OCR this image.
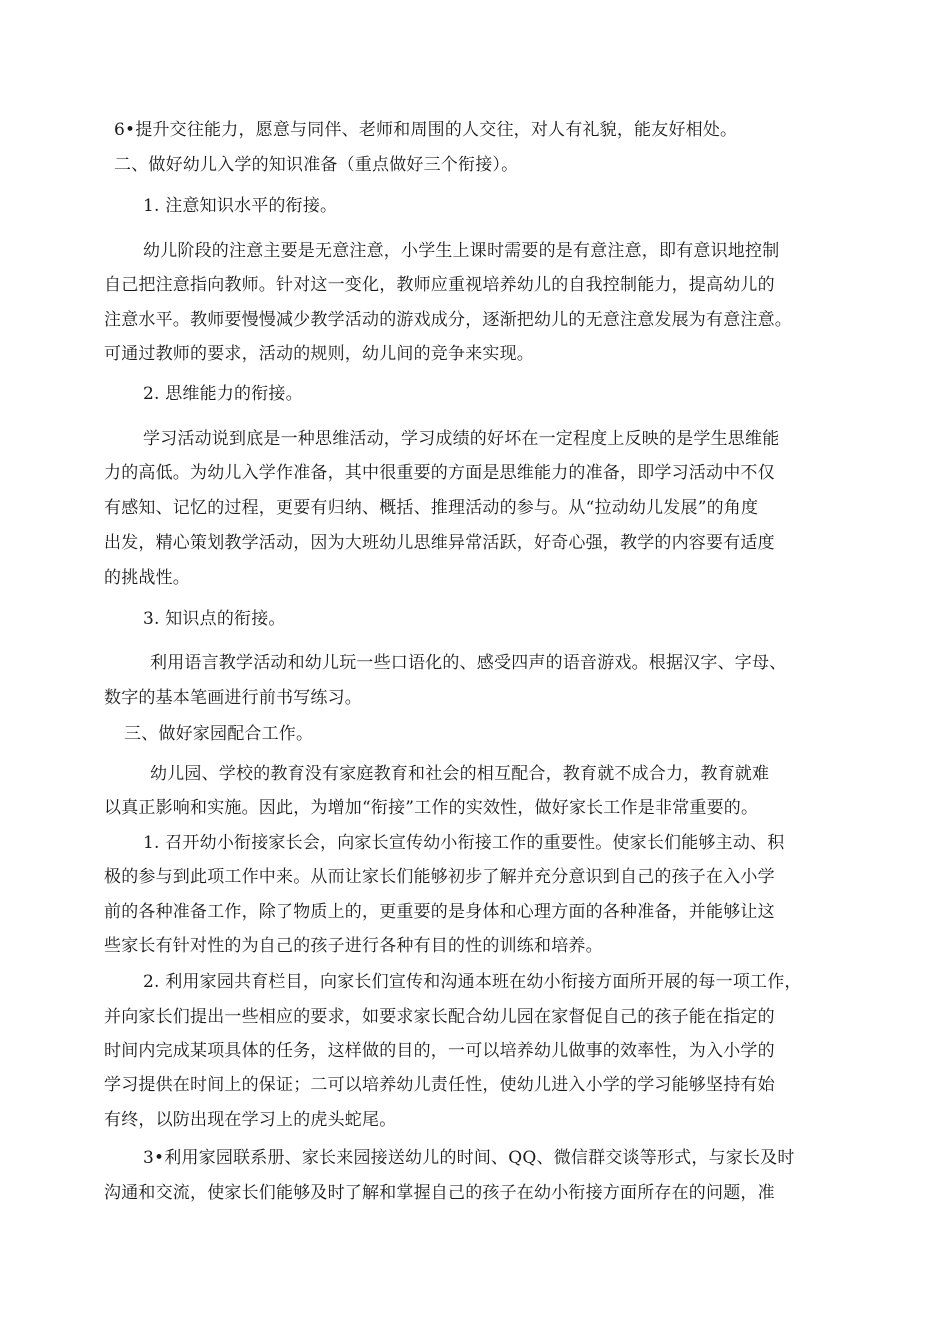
6•提升交往能力，愿意与同伴、老师和周围的人交往，对人有礼貌，能友好相处。
二、做好幼儿入学的知识准备（重点做好三个衔接）。
1. 注意知识水平的衔接。
幼儿阶段的注意主要是无意注意，小学生上课时需要的是有意注意，即有意识地控制
自己把注意指向教师。针对这一变化，教师应重视培养幼儿的自我控制能力，提高幼儿的
注意水平。教师要慢慢减少教学活动的游戏成分，逐渐把幼儿的无意注意发展为有意注意。
可通过教师的要求，活动的规则，幼儿间的竞争来实现。
2. 思维能力的衔接。
学习活动说到底是一种思维活动，学习成绩的好坏在一定程度上反映的是学生思维能
力的高低。为幼儿入学作准备，其中很重要的方面是思维能力的准备，即学习活动中不仅
有感知、记忆的过程，更要有归纳、概括、推理活动的参与。从“拉动幼儿发展”的角度
出发，精心策划教学活动，因为大班幼儿思维异常活跃，好奇心强，教学的内容要有适度
的挑战性。
3. 知识点的衔接。
利用语言教学活动和幼儿玩一些口语化的、感受四声的语音游戏。根据汉字、字母、
数字的基本笔画进行前书写练习。
三、做好家园配合工作。
幼儿园、学校的教育没有家庭教育和社会的相互配合，教育就不成合力，教育就难
以真正影响和实施。因此，为增加“衔接”工作的实效性，做好家长工作是非常重要的。
1. 召开幼小衔接家长会，向家长宣传幼小衔接工作的重要性。使家长们能够主动、积
极的参与到此项工作中来。从而让家长们能够初步了解并充分意识到自己的孩子在入小学
前的各种准备工作，除了物质上的，更重要的是身体和心理方面的各种准备，并能够让这
些家长有针对性的为自己的孩子进行各种有目的性的训练和培养。
2. 利用家园共育栏目，向家长们宣传和沟通本班在幼小衔接方面所开展的每一项工作，
并向家长们提出一些相应的要求，如要求家长配合幼儿园在家督促自己的孩子能在指定的
时间内完成某项具体的任务，这样做的目的，一可以培养幼儿做事的效率性，为入小学的
学习提供在时间上的保证；二可以培养幼儿责任性，使幼儿进入小学的学习能够坚持有始
有终，以防出现在学习上的虎头蛇尾。
3•利用家园联系册、家长来园接送幼儿的时间、QQ、微信群交谈等形式，与家长及时
沟通和交流，使家长们能够及时了解和掌握自己的孩子在幼小衔接方面所存在的问题，准
